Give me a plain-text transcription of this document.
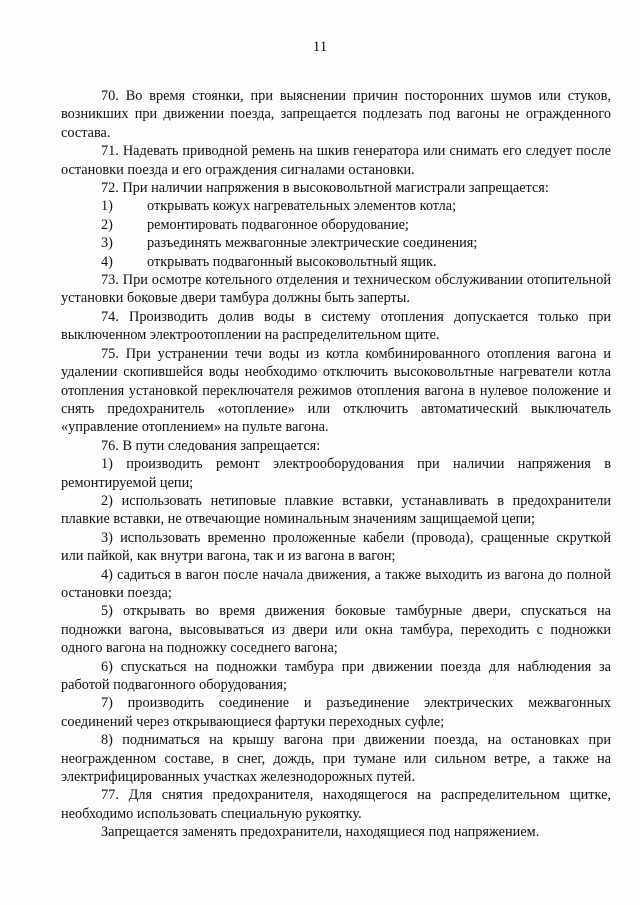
11

70. Во время стоянки, при выяснении причин посторонних шумов или стуков, возникших при движении поезда, запрещается подлезать под вагоны не огражденного состава.

71. Надевать приводной ремень на шкив генератора или снимать его следует после остановки поезда и его ограждения сигналами остановки.

72. При наличии напряжения в высоковольтной магистрали запрещается:

1)	открывать кожух нагревательных элементов котла;
2)	ремонтировать подвагонное оборудование;
3)	разъединять межвагонные электрические соединения;
4)	открывать подвагонный высоковольтный ящик.

73. При осмотре котельного отделения и техническом обслуживании отопительной установки боковые двери тамбура должны быть заперты.

74. Производить долив воды в систему отопления допускается только при выключенном электроотоплении на распределительном щите.

75. При устранении течи воды из котла комбинированного отопления вагона и удалении скопившейся воды необходимо отключить высоковольтные нагреватели котла отопления установкой переключателя режимов отопления вагона в нулевое положение и снять предохранитель «отопление» или отключить автоматический выключатель «управление отоплением» на пульте вагона.

76. В пути следования запрещается:

1) производить ремонт электрооборудования при наличии напряжения в ремонтируемой цепи;

2) использовать нетиповые плавкие вставки, устанавливать в предохранители плавкие вставки, не отвечающие номинальным значениям защищаемой цепи;

3) использовать временно проложенные кабели (провода), сращенные скруткой или пайкой, как внутри вагона, так и из вагона в вагон;

4) садиться в вагон после начала движения, а также выходить из вагона до полной остановки поезда;

5) открывать во время движения боковые тамбурные двери, спускаться на подножки вагона, высовываться из двери или окна тамбура, переходить с подножки одного вагона на подножку соседнего вагона;

6) спускаться на подножки тамбура при движении поезда для наблюдения за работой подвагонного оборудования;

7) производить соединение и разъединение электрических межвагонных соединений через открывающиеся фартуки переходных суфле;

8) подниматься на крышу вагона при движении поезда, на остановках при неогражденном составе, в снег, дождь, при тумане или сильном ветре, а также на электрифицированных участках железнодорожных путей.

77. Для снятия предохранителя, находящегося на распределительном щитке, необходимо использовать специальную рукоятку.

Запрещается заменять предохранители, находящиеся под напряжением.
